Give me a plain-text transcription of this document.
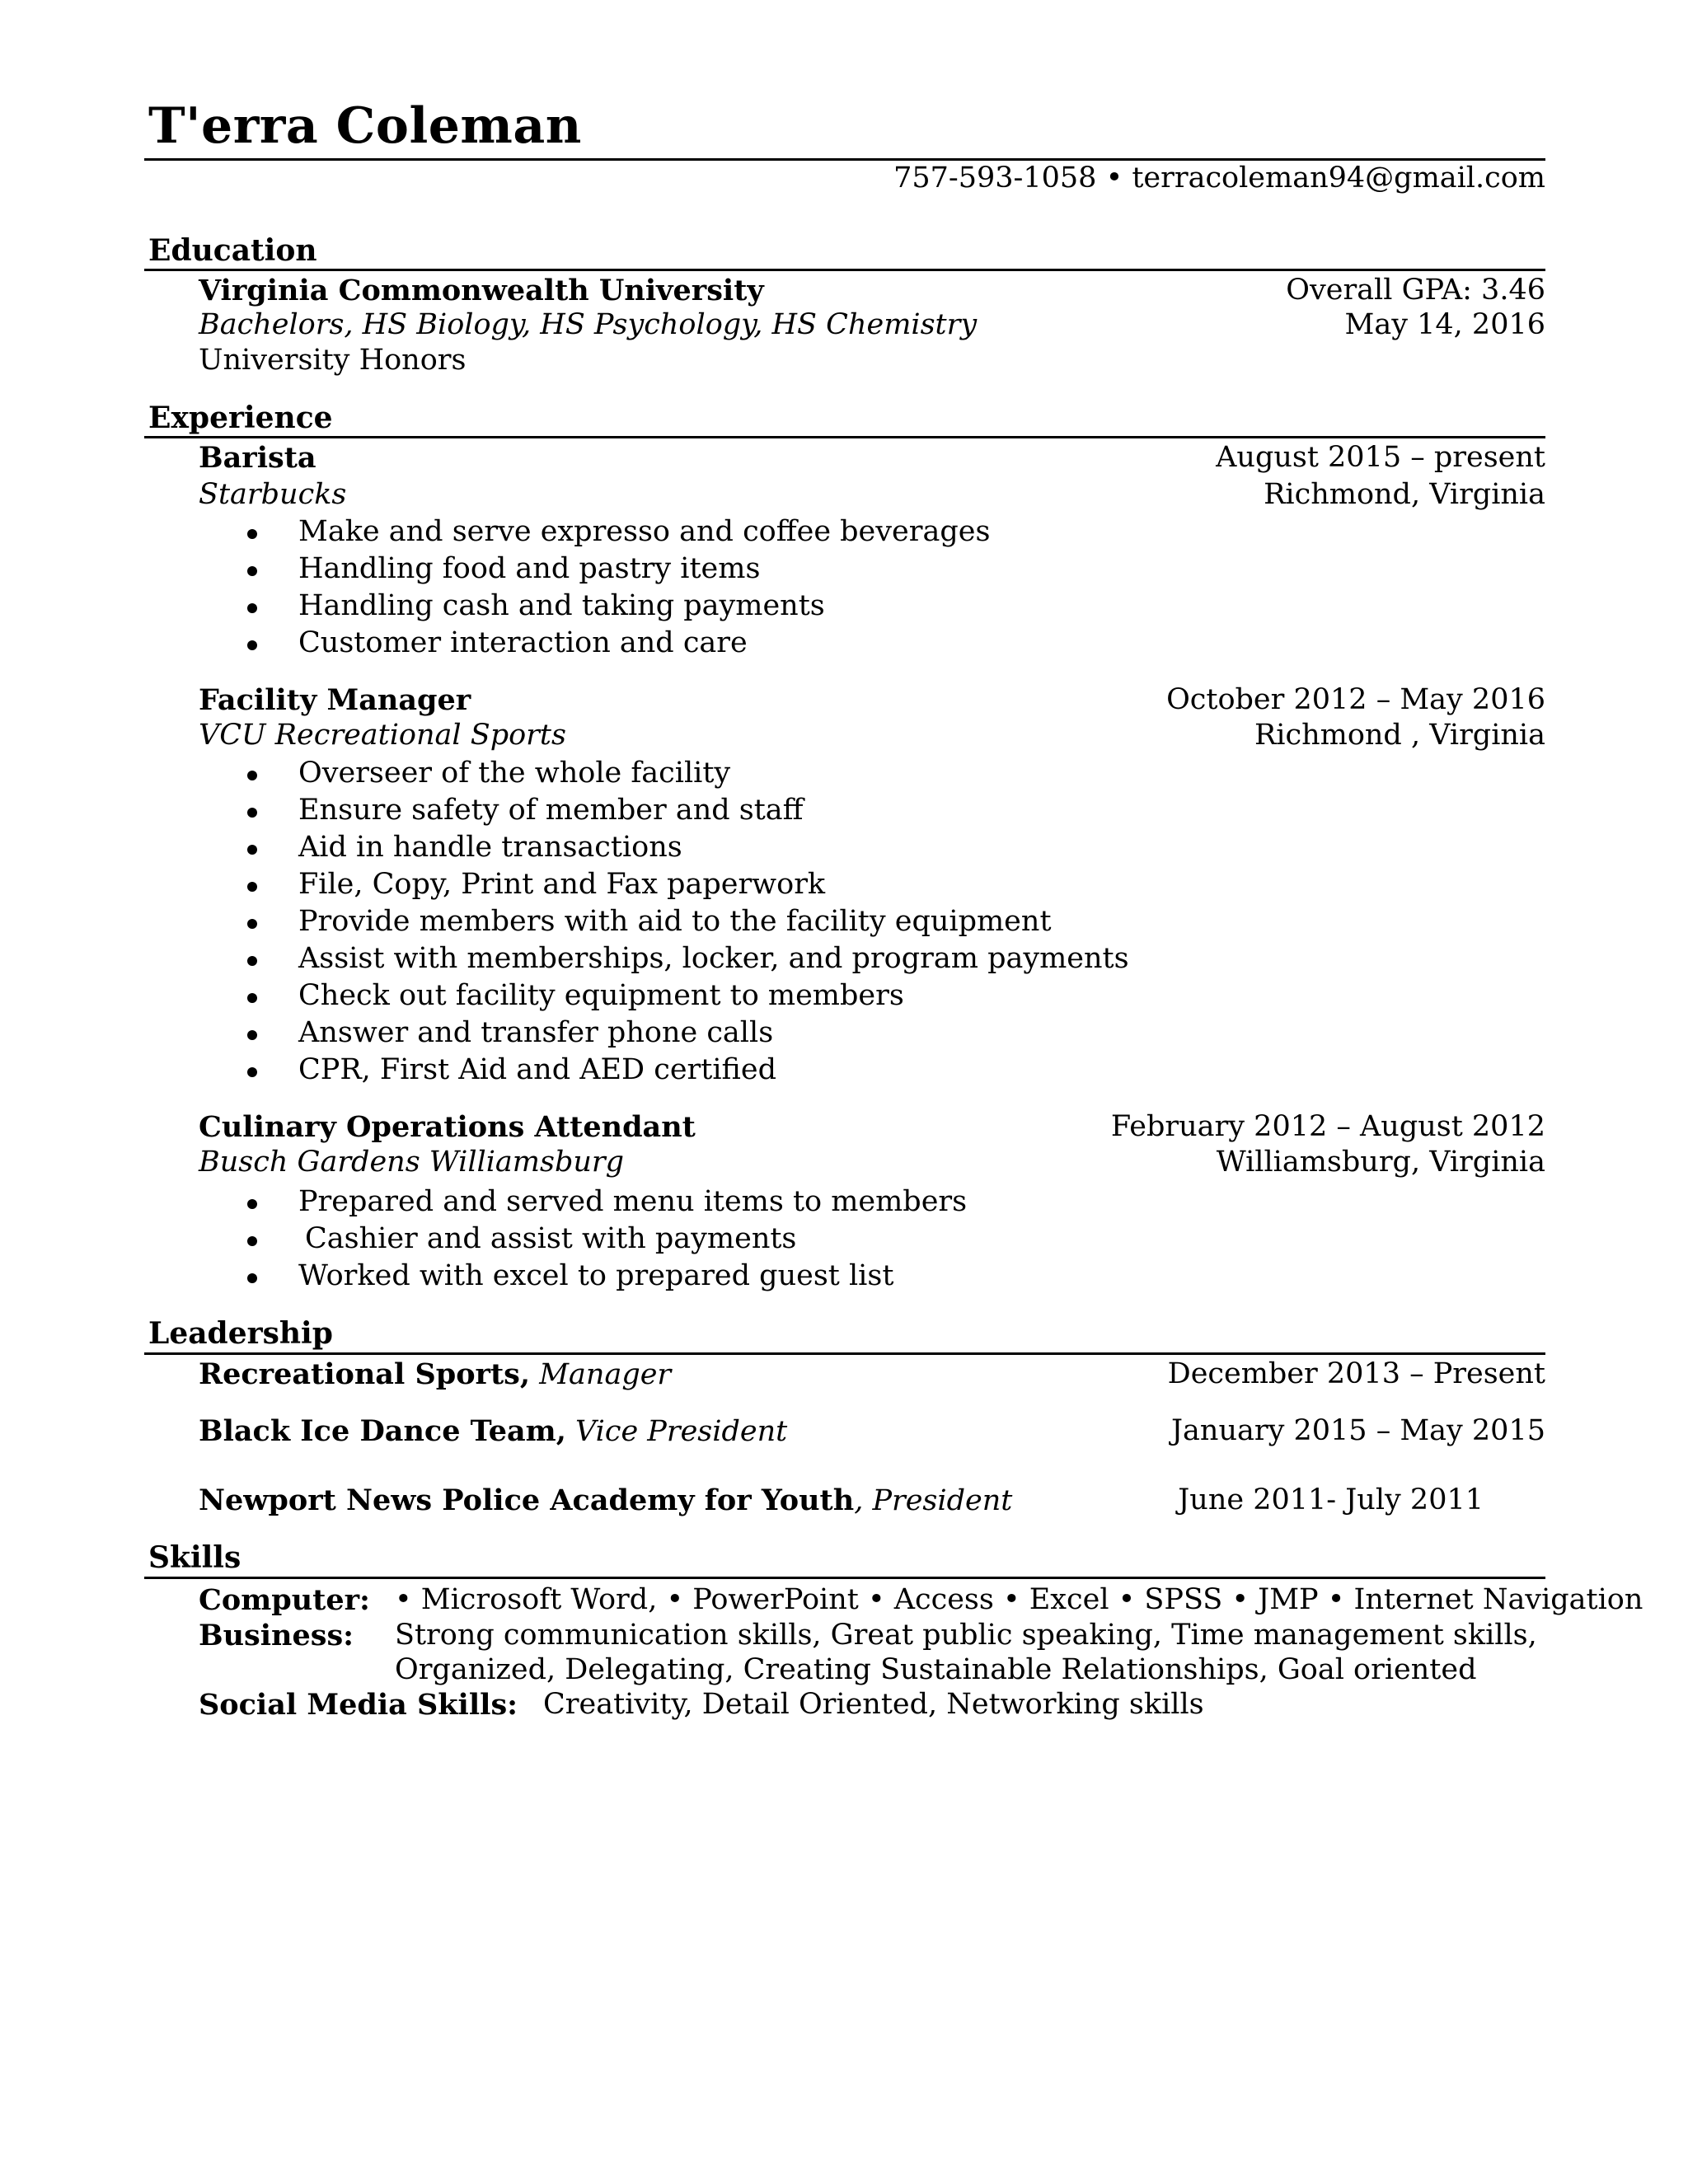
T'erra Coleman
757-593-1058 • terracoleman94@gmail.com
Education
Virginia Commonwealth University	Overall GPA: 3.46
Bachelors, HS Biology, HS Psychology, HS Chemistry	May 14, 2016
University Honors
Experience
Barista	August 2015 – present
Starbucks	Richmond, Virginia
Make and serve expresso and coffee beverages
Handling food and pastry items
Handling cash and taking payments
Customer interaction and care
Facility Manager	October 2012 – May 2016
VCU Recreational Sports	Richmond , Virginia
Overseer of the whole facility
Ensure safety of member and staff
Aid in handle transactions
File, Copy, Print and Fax paperwork
Provide members with aid to the facility equipment
Assist with memberships, locker, and program payments
Check out facility equipment to members
Answer and transfer phone calls
CPR, First Aid and AED certified
Culinary Operations Attendant	February 2012 – August 2012
Busch Gardens Williamsburg	Williamsburg, Virginia
Prepared and served menu items to members
Cashier and assist with payments
Worked with excel to prepared guest list
Leadership
Recreational Sports, Manager	December 2013 – Present
Black Ice Dance Team, Vice President	January 2015 – May 2015
Newport News Police Academy for Youth, President	June 2011- July 2011
Skills
Computer: • Microsoft Word, • PowerPoint • Access • Excel • SPSS • JMP • Internet Navigation
Business: Strong communication skills, Great public speaking, Time management skills,
Organized, Delegating, Creating Sustainable Relationships, Goal oriented
Social Media Skills: Creativity, Detail Oriented, Networking skills
